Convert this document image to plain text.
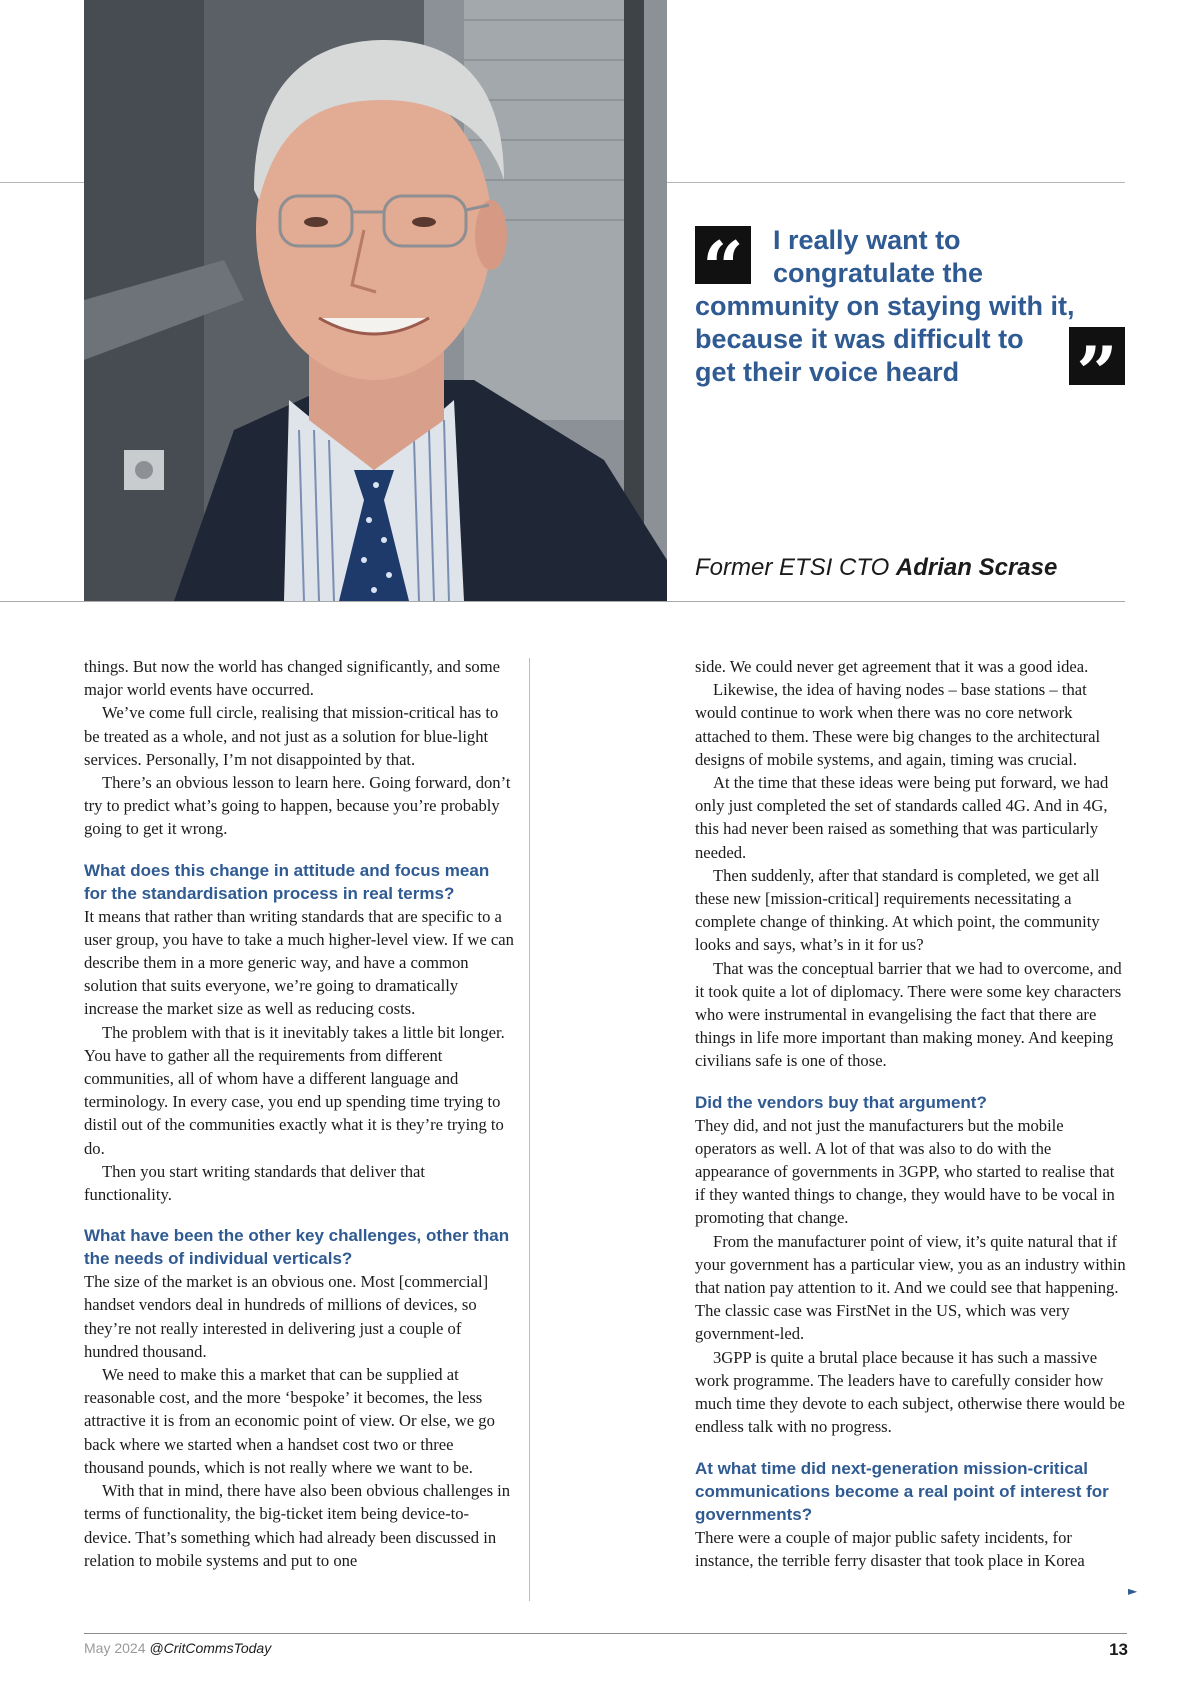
“	I really want to
congratulate the
community on staying with it,
because it was difficult to
get their voice heard	”
Former ETSI CTO Adrian Scrase

things. But now the world has changed significantly, and some major world events have occurred.

We’ve come full circle, realising that mission-critical has to be treated as a whole, and not just as a solution for blue-light services. Personally, I’m not disappointed by that.

There’s an obvious lesson to learn here. Going forward, don’t try to predict what’s going to happen, because you’re probably going to get it wrong.

What does this change in attitude and focus mean for the standardisation process in real terms?

It means that rather than writing standards that are specific to a user group, you have to take a much higher-level view. If we can describe them in a more generic way, and have a common solution that suits everyone, we’re going to dramatically increase the market size as well as reducing costs.

The problem with that is it inevitably takes a little bit longer. You have to gather all the requirements from different communities, all of whom have a different language and terminology. In every case, you end up spending time trying to distil out of the communities exactly what it is they’re trying to do.

Then you start writing standards that deliver that functionality.

What have been the other key challenges, other than the needs of individual verticals?

The size of the market is an obvious one. Most [commercial] handset vendors deal in hundreds of millions of devices, so they’re not really interested in delivering just a couple of hundred thousand.

We need to make this a market that can be supplied at reasonable cost, and the more ‘bespoke’ it becomes, the less attractive it is from an economic point of view. Or else, we go back where we started when a handset cost two or three thousand pounds, which is not really where we want to be.

With that in mind, there have also been obvious challenges in terms of functionality, the big-ticket item being device-to-device. That’s something which had already been discussed in relation to mobile systems and put to one

side. We could never get agreement that it was a good idea.

Likewise, the idea of having nodes – base stations – that would continue to work when there was no core network attached to them. These were big changes to the architectural designs of mobile systems, and again, timing was crucial.

At the time that these ideas were being put forward, we had only just completed the set of standards called 4G. And in 4G, this had never been raised as something that was particularly needed.

Then suddenly, after that standard is completed, we get all these new [mission-critical] requirements necessitating a complete change of thinking. At which point, the community looks and says, what’s in it for us?

That was the conceptual barrier that we had to overcome, and it took quite a lot of diplomacy. There were some key characters who were instrumental in evangelising the fact that there are things in life more important than making money. And keeping civilians safe is one of those.

Did the vendors buy that argument?

They did, and not just the manufacturers but the mobile operators as well. A lot of that was also to do with the appearance of governments in 3GPP, who started to realise that if they wanted things to change, they would have to be vocal in promoting that change.

From the manufacturer point of view, it’s quite natural that if your government has a particular view, you as an industry within that nation pay attention to it. And we could see that happening. The classic case was FirstNet in the US, which was very government-led.

3GPP is quite a brutal place because it has such a massive work programme. The leaders have to carefully consider how much time they devote to each subject, otherwise there would be endless talk with no progress.

At what time did next-generation mission-critical communications become a real point of interest for governments?

There were a couple of major public safety incidents, for instance, the terrible ferry disaster that took place in Korea

►
May 2024 @CritCommsToday	13
